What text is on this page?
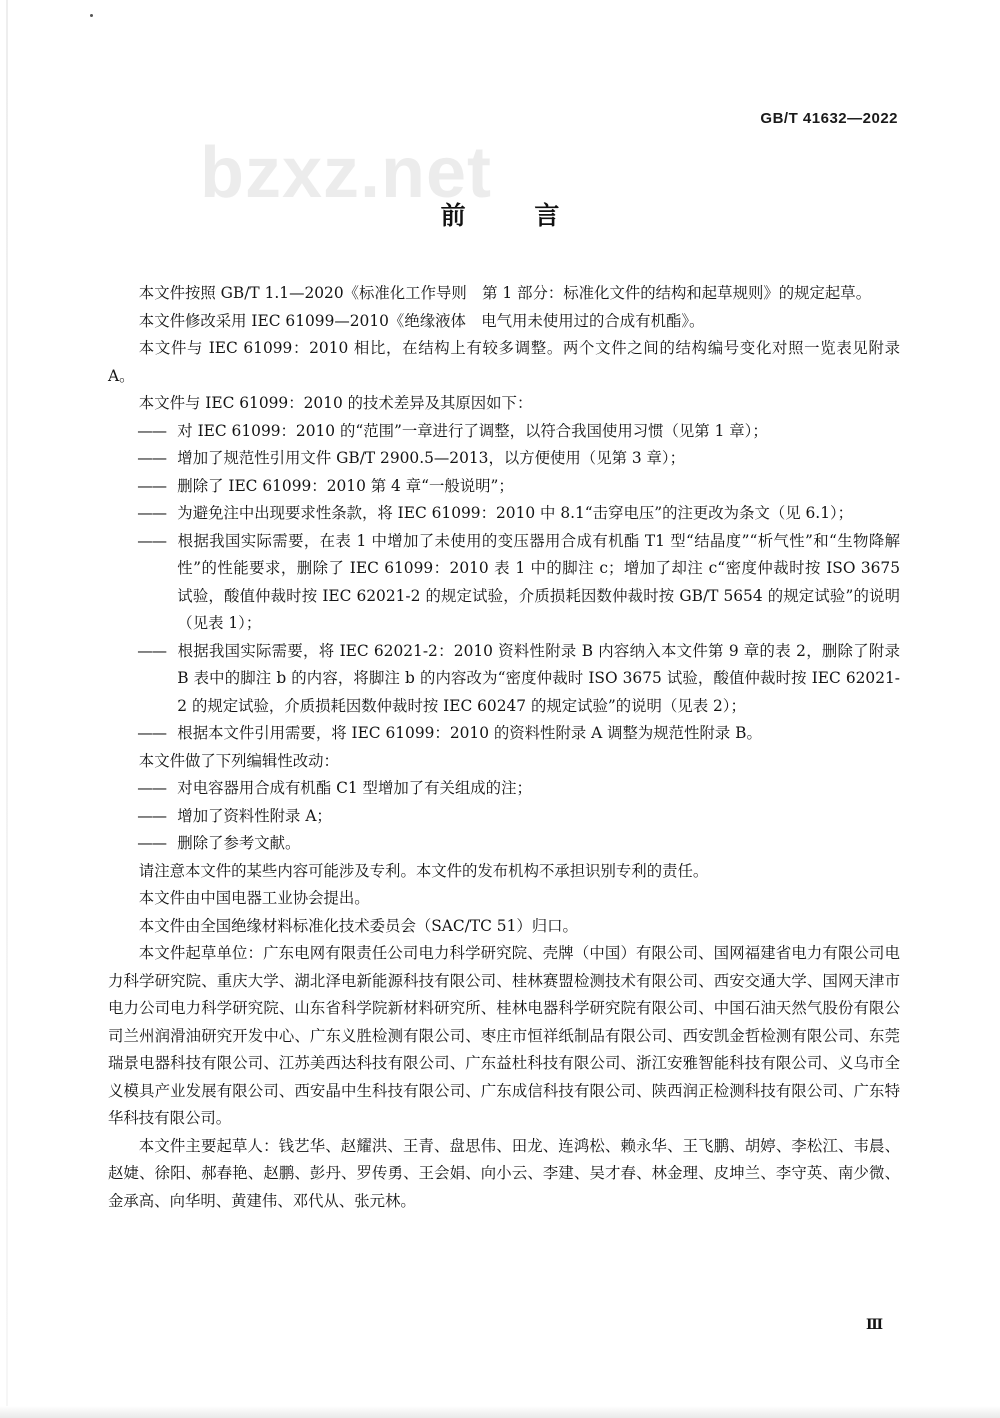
GB/T 41632—2022
bzxz.net
前 言

本文件按照 GB/T 1.1—2020《标准化工作导则　第 1 部分：标准化文件的结构和起草规则》的规定起草。

本文件修改采用 IEC 61099—2010《绝缘液体　电气用未使用过的合成有机酯》。

本文件与 IEC 61099：2010 相比，在结构上有较多调整。两个文件之间的结构编号变化对照一览表见附录 A。

本文件与 IEC 61099：2010 的技术差异及其原因如下：

—— 对 IEC 61099：2010 的“范围”一章进行了调整，以符合我国使用习惯（见第 1 章）；

—— 增加了规范性引用文件 GB/T 2900.5—2013，以方便使用（见第 3 章）；

—— 删除了 IEC 61099：2010 第 4 章“一般说明”；

—— 为避免注中出现要求性条款，将 IEC 61099：2010 中 8.1“击穿电压”的注更改为条文（见 6.1）；

—— 根据我国实际需要，在表 1 中增加了未使用的变压器用合成有机酯 T1 型“结晶度”“析气性”和“生物降解性”的性能要求，删除了 IEC 61099：2010 表 1 中的脚注 c；增加了却注 c“密度仲裁时按 ISO 3675 试验，酸值仲裁时按 IEC 62021-2 的规定试验，介质损耗因数仲裁时按 GB/T 5654 的规定试验”的说明（见表 1）；

—— 根据我国实际需要，将 IEC 62021-2：2010 资料性附录 B 内容纳入本文件第 9 章的表 2，删除了附录 B 表中的脚注 b 的内容，将脚注 b 的内容改为“密度仲裁时 ISO 3675 试验，酸值仲裁时按 IEC 62021-2 的规定试验，介质损耗因数仲裁时按 IEC 60247 的规定试验”的说明（见表 2）；

—— 根据本文件引用需要，将 IEC 61099：2010 的资料性附录 A 调整为规范性附录 B。

本文件做了下列编辑性改动：

—— 对电容器用合成有机酯 C1 型增加了有关组成的注；

—— 增加了资料性附录 A；

—— 删除了参考文献。

请注意本文件的某些内容可能涉及专利。本文件的发布机构不承担识别专利的责任。

本文件由中国电器工业协会提出。

本文件由全国绝缘材料标准化技术委员会（SAC/TC 51）归口。

本文件起草单位：广东电网有限责任公司电力科学研究院、壳牌（中国）有限公司、国网福建省电力有限公司电力科学研究院、重庆大学、湖北泽电新能源科技有限公司、桂林赛盟检测技术有限公司、西安交通大学、国网天津市电力公司电力科学研究院、山东省科学院新材料研究所、桂林电器科学研究院有限公司、中国石油天然气股份有限公司兰州润滑油研究开发中心、广东义胜检测有限公司、枣庄市恒祥纸制品有限公司、西安凯金哲检测有限公司、东莞瑞景电器科技有限公司、江苏美西达科技有限公司、广东益杜科技有限公司、浙江安雅智能科技有限公司、义乌市全义模具产业发展有限公司、西安晶中生科技有限公司、广东成信科技有限公司、陕西润正检测科技有限公司、广东特华科技有限公司。

本文件主要起草人：钱艺华、赵耀洪、王青、盘思伟、田龙、连鸿松、赖永华、王飞鹏、胡婷、李松江、韦晨、赵婕、徐阳、郝春艳、赵鹏、彭丹、罗传勇、王会娟、向小云、李建、吴才春、林金理、皮坤兰、李守英、南少微、金承高、向华明、黄建伟、邓代从、张元林。

Ⅲ
